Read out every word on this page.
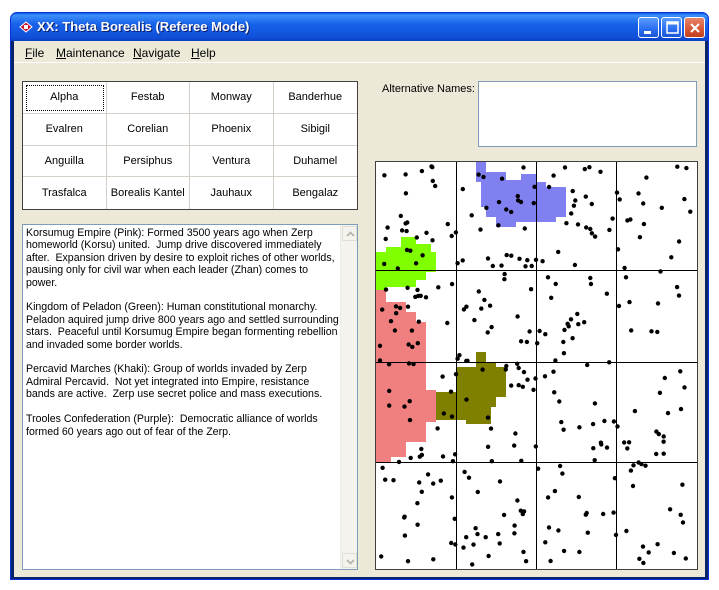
XX: Theta Borealis (Referee Mode)
File Maintenance Navigate Help
Alpha	Festab	Monway	Banderhue
Evalren	Corelian	Phoenix	Sibigil
Anguilla	Persiphus	Ventura	Duhamel
Trasfalca	Borealis Kantel	Jauhaux	Bengalaz
Alternative Names:
Korsumug Empire (Pink): Formed 3500 years ago when Zerp homeworld (Korsu) united.  Jump drive discovered immediately after.  Expansion driven by desire to exploit riches of other worlds, pausing only for civil war when each leader (Zhan) comes to power.

Kingdom of Peladon (Green): Human constitutional monarchy.  Peladon aquired jump drive 800 years ago and settled surrounding stars.  Peaceful until Korsumug Empire began formenting rebellion and invaded some border worlds.

Percavid Marches (Khaki): Group of worlds invaded by Zerp Admiral Percavid.  Not yet integrated into Empire, resistance bands are active.  Zerp use secret police and mass executions.

Trooles Confederation (Purple):  Democratic alliance of worlds formed 60 years ago out of fear of the Zerp.
